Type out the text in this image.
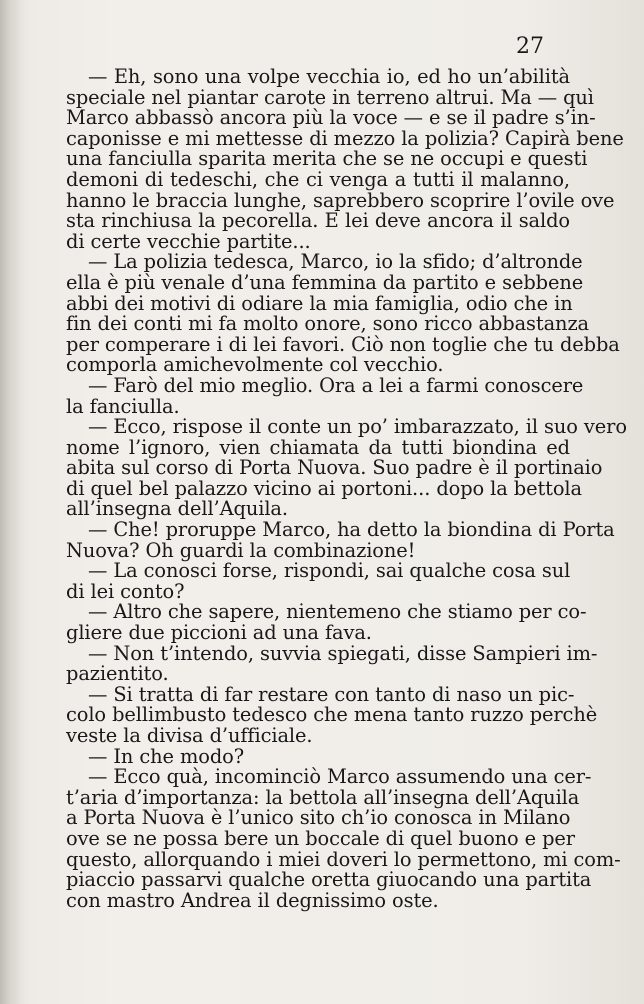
27
— Eh, sono una volpe vecchia io, ed ho un’abilità
speciale nel piantar carote in terreno altrui. Ma — quì
Marco abbassò ancora più la voce — e se il padre s’in-
caponisse e mi mettesse di mezzo la polizia? Capirà bene
una fanciulla sparita merita che se ne occupi e questi
demoni di tedeschi, che ci venga a tutti il malanno,
hanno le braccia lunghe, saprebbero scoprire l’ovile ove
sta rinchiusa la pecorella. E lei deve ancora il saldo
di certe vecchie partite...
— La polizia tedesca, Marco, io la sfido; d’altronde
ella è più venale d’una femmina da partito e sebbene
abbi dei motivi di odiare la mia famiglia, odio che in
fin dei conti mi fa molto onore, sono ricco abbastanza
per comperare i di lei favori. Ciò non toglie che tu debba
comporla amichevolmente col vecchio.
— Farò del mio meglio. Ora a lei a farmi conoscere
la fanciulla.
— Ecco, rispose il conte un po’ imbarazzato, il suo vero
nome l’ignoro, vien chiamata da tutti biondina ed
abita sul corso di Porta Nuova. Suo padre è il portinaio
di quel bel palazzo vicino ai portoni... dopo la bettola
all’insegna dell’Aquila.
— Che! proruppe Marco, ha detto la biondina di Porta
Nuova? Oh guardi la combinazione!
— La conosci forse, rispondi, sai qualche cosa sul
di lei conto?
— Altro che sapere, nientemeno che stiamo per co-
gliere due piccioni ad una fava.
— Non t’intendo, suvvia spiegati, disse Sampieri im-
pazientito.
— Si tratta di far restare con tanto di naso un pic-
colo bellimbusto tedesco che mena tanto ruzzo perchè
veste la divisa d’ufficiale.
— In che modo?
— Ecco quà, incominciò Marco assumendo una cer-
t’aria d’importanza: la bettola all’insegna dell’Aquila
a Porta Nuova è l’unico sito ch’io conosca in Milano
ove se ne possa bere un boccale di quel buono e per
questo, allorquando i miei doveri lo permettono, mi com-
piaccio passarvi qualche oretta giuocando una partita
con mastro Andrea il degnissimo oste.
